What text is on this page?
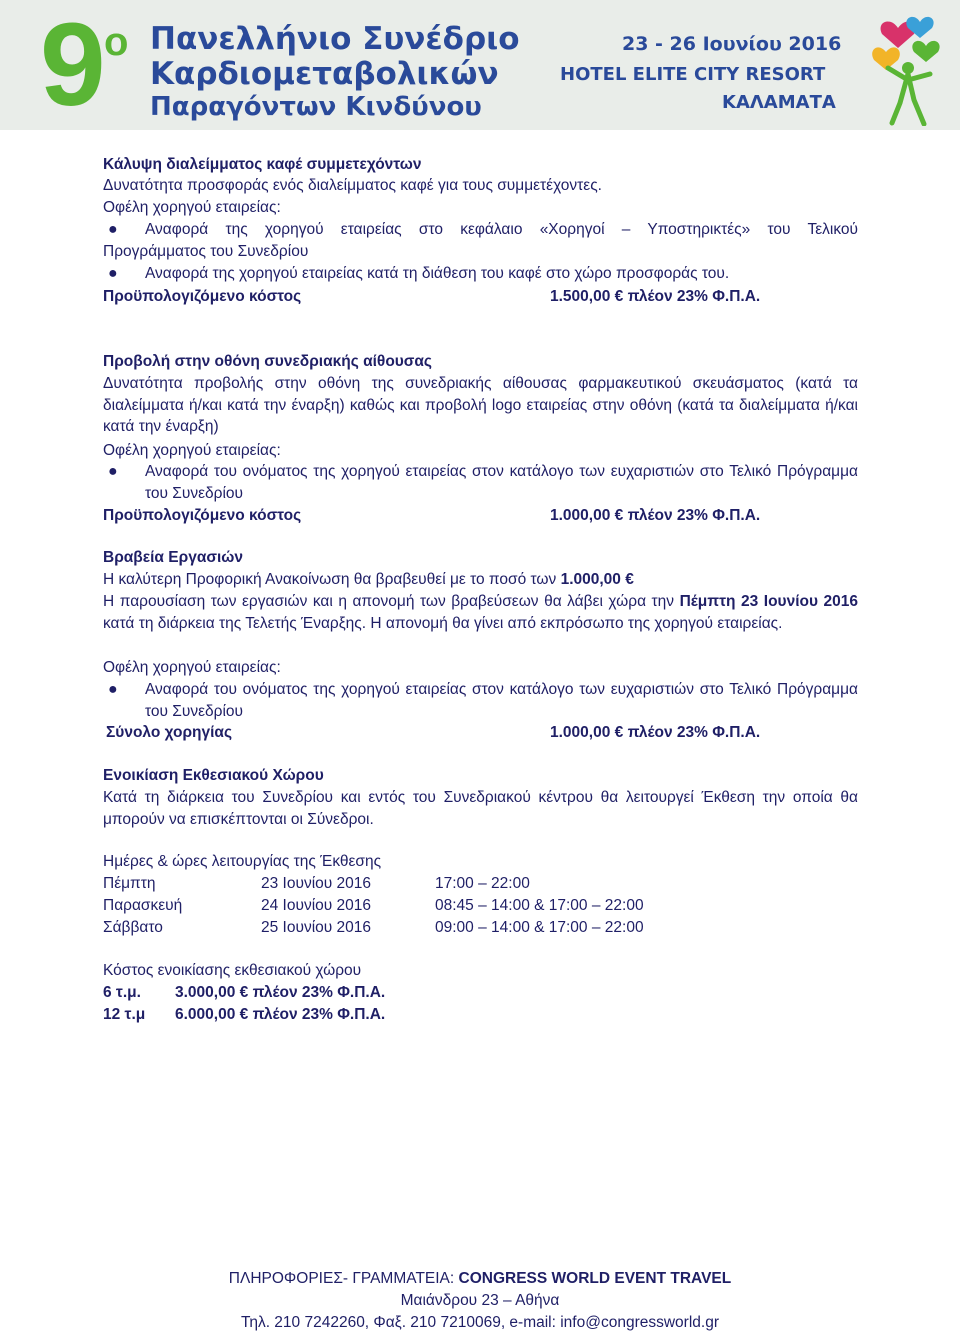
9 ο Πανελλήνιο Συνέδριο
Καρδιομεταβολικών
Παραγόντων Κινδύνου
23 - 26 Ιουνίου 2016
HOTEL ELITE CITY RESORT
ΚΑΛΑΜΑΤΑ
Κάλυψη διαλείμματος καφέ συμμετεχόντων
Δυνατότητα προσφοράς ενός διαλείμματος καφέ για τους συμμετέχοντες.
Οφέλη χορηγού εταιρείας:
● Αναφορά της χορηγού εταιρείας στο κεφάλαιο «Χορηγοί – Υποστηρικτές» του Τελικού
Προγράμματος του Συνεδρίου
● Αναφορά της χορηγού εταιρείας κατά τη διάθεση του καφέ στο χώρο προσφοράς του.
Προϋπολογιζόμενο κόστος	1.500,00 € πλέον 23% Φ.Π.Α.
Προβολή στην οθόνη συνεδριακής αίθουσας
Δυνατότητα προβολής στην οθόνη της συνεδριακής αίθουσας φαρμακευτικού σκευάσματος (κατά τα διαλείμματα ή/και κατά την έναρξη) καθώς και προβολή logo εταιρείας στην οθόνη (κατά τα διαλείμματα ή/και κατά την έναρξη)
Οφέλη χορηγού εταιρείας:
● Αναφορά του ονόματος της χορηγού εταιρείας στον κατάλογο των ευχαριστιών στο Τελικό Πρόγραμμα του Συνεδρίου
Προϋπολογιζόμενο κόστος	1.000,00 € πλέον 23% Φ.Π.Α.
Βραβεία Εργασιών
Η καλύτερη Προφορική Ανακοίνωση θα βραβευθεί με το ποσό των 1.000,00 €
Η παρουσίαση των εργασιών και η απονομή των βραβεύσεων θα λάβει χώρα την Πέμπτη 23 Ιουνίου 2016 κατά τη διάρκεια της Τελετής Έναρξης. Η απονομή θα γίνει από εκπρόσωπο της χορηγού εταιρείας.
Οφέλη χορηγού εταιρείας:
● Αναφορά του ονόματος της χορηγού εταιρείας στον κατάλογο των ευχαριστιών στο Τελικό Πρόγραμμα του Συνεδρίου
Σύνολο χορηγίας	1.000,00 € πλέον 23% Φ.Π.Α.
Ενοικίαση Εκθεσιακού Χώρου
Κατά τη διάρκεια του Συνεδρίου και εντός του Συνεδριακού κέντρου θα λειτουργεί Έκθεση την οποία θα μπορούν να επισκέπτονται οι Σύνεδροι.
Ημέρες & ώρες λειτουργίας της Έκθεσης
Πέμπτη	23 Ιουνίου 2016	17:00 – 22:00
Παρασκευή	24 Ιουνίου 2016	08:45 – 14:00 & 17:00 – 22:00
Σάββατο	25 Ιουνίου 2016	09:00 – 14:00 & 17:00 – 22:00
Κόστος ενοικίασης εκθεσιακού χώρου
6 τ.μ. 3.000,00 € πλέον 23% Φ.Π.Α.
12 τ.μ 6.000,00 € πλέον 23% Φ.Π.Α.
ΠΛΗΡΟΦΟΡΙΕΣ- ΓΡΑΜΜΑΤΕΙΑ: CONGRESS WORLD EVENT TRAVEL
Μαιάνδρου 23 – Αθήνα
Τηλ. 210 7242260, Φαξ. 210 7210069, e-mail: info@congressworld.gr
